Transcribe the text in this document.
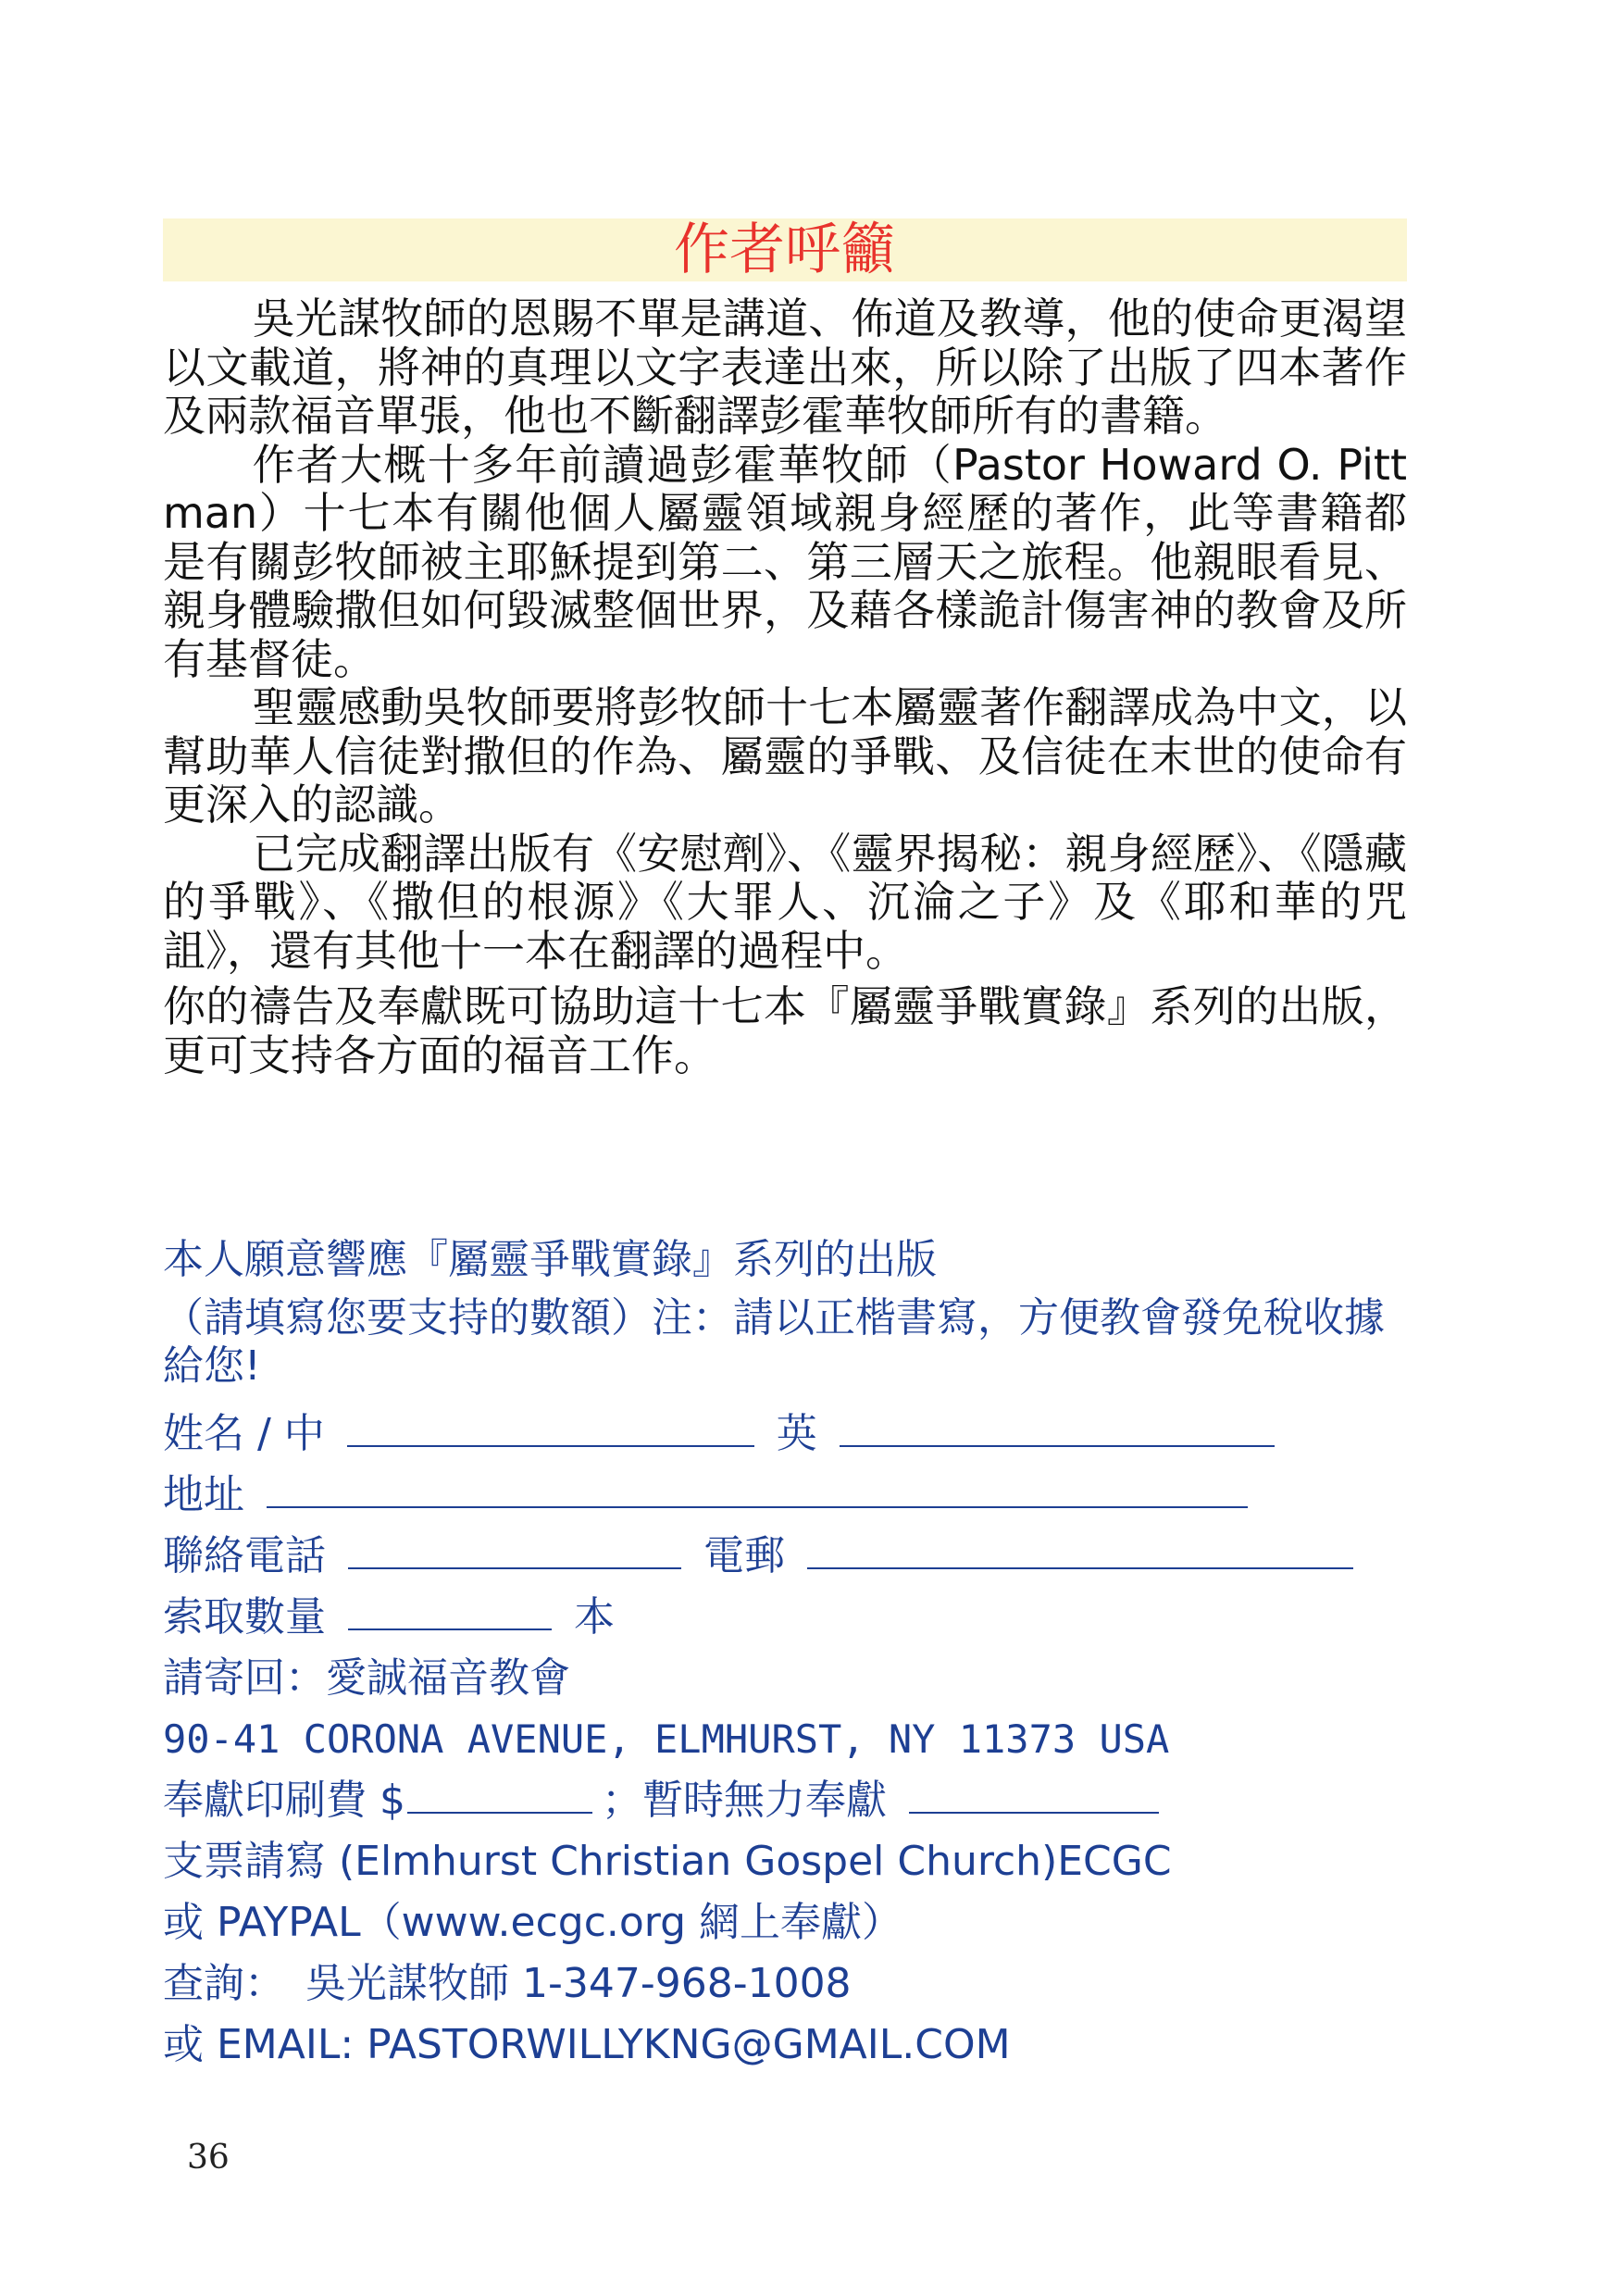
作者呼籲

吳光謀牧師的恩賜不單是講道、佈道及教導，他的使命更渴望以文載道，將神的真理以文字表達出來，所以除了出版了四本著作及兩款福音單張，他也不斷翻譯彭霍華牧師所有的書籍。

作者大概十多年前讀過彭霍華牧師（Pastor Howard O. Pittman）十七本有關他個人屬靈領域親身經歷的著作，此等書籍都是有關彭牧師被主耶穌提到第二、第三層天之旅程。他親眼看見、親身體驗撒但如何毀滅整個世界，及藉各樣詭計傷害神的教會及所有基督徒。

聖靈感動吳牧師要將彭牧師十七本屬靈著作翻譯成為中文，以幫助華人信徒對撒但的作為、屬靈的爭戰、及信徒在末世的使命有更深入的認識。

已完成翻譯出版有《安慰劑》、《靈界揭秘：親身經歷》、《隱藏的爭戰》、《撒但的根源》《大罪人、沉淪之子》及《耶和華的咒詛》，還有其他十一本在翻譯的過程中。

你的禱告及奉獻既可協助這十七本『屬靈爭戰實錄』系列的出版，更可支持各方面的福音工作。

本人願意響應『屬靈爭戰實錄』系列的出版

（請填寫您要支持的數額）注：請以正楷書寫，方便教會發免稅收據給您!

姓名 / 中	英

地址

聯絡電話	電郵

索取數量	本

請寄回：愛誠福音教會

90-41 CORONA AVENUE, ELMHURST, NY 11373 USA

奉獻印刷費 $	；暫時無力奉獻

支票請寫 (Elmhurst Christian Gospel Church)ECGC

或 PAYPAL（www.ecgc.org 網上奉獻）

查詢：　吳光謀牧師 1-347-968-1008

或 EMAIL: PASTORWILLYKNG@GMAIL.COM

36
